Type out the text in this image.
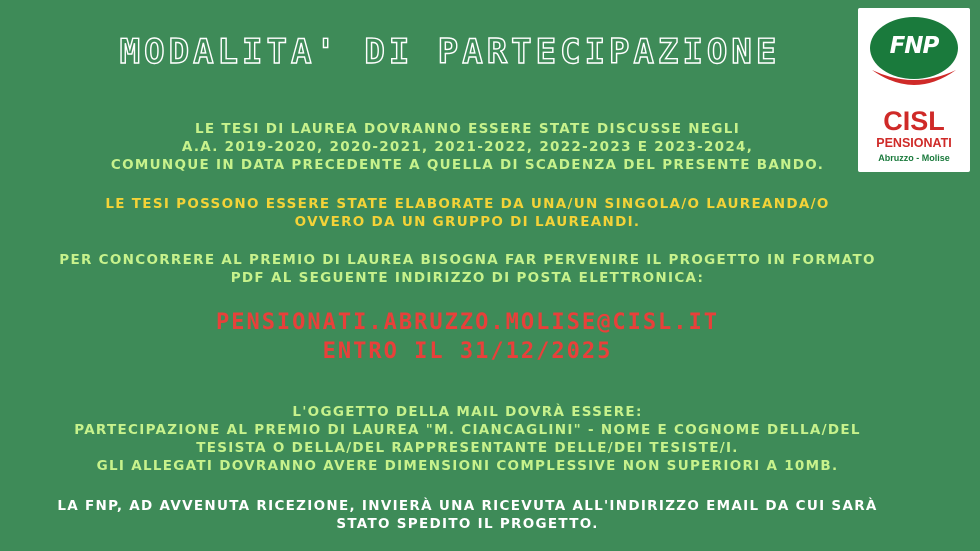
MODALITA' DI PARTECIPAZIONE	FNP
CISL
PENSIONATI
Abruzzo - Molise
LE TESI DI LAUREA DOVRANNO ESSERE STATE DISCUSSE NEGLI
A.A. 2019-2020, 2020-2021, 2021-2022, 2022-2023 E 2023-2024,
COMUNQUE IN DATA PRECEDENTE A QUELLA DI SCADENZA DEL PRESENTE BANDO.
LE TESI POSSONO ESSERE STATE ELABORATE DA UNA/UN SINGOLA/O LAUREANDA/O
OVVERO DA UN GRUPPO DI LAUREANDI.
PER CONCORRERE AL PREMIO DI LAUREA BISOGNA FAR PERVENIRE IL PROGETTO IN FORMATO
PDF AL SEGUENTE INDIRIZZO DI POSTA ELETTRONICA:
PENSIONATI.ABRUZZO.MOLISE@CISL.IT
ENTRO IL 31/12/2025
L'OGGETTO DELLA MAIL DOVRÀ ESSERE:
PARTECIPAZIONE AL PREMIO DI LAUREA "M. CIANCAGLINI" - NOME E COGNOME DELLA/DEL
TESISTA O DELLA/DEL RAPPRESENTANTE DELLE/DEI TESISTE/I.
GLI ALLEGATI DOVRANNO AVERE DIMENSIONI COMPLESSIVE NON SUPERIORI A 10MB.
LA FNP, AD AVVENUTA RICEZIONE, INVIERÀ UNA RICEVUTA ALL'INDIRIZZO EMAIL DA CUI SARÀ
STATO SPEDITO IL PROGETTO.
